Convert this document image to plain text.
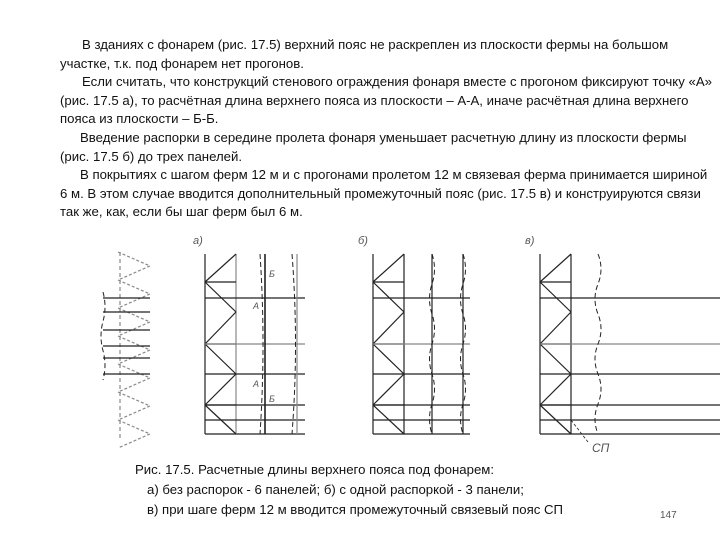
В зданиях с фонарем (рис. 17.5) верхний пояс не раскреплен из плоскости фермы на большом участке, т.к. под фонарем нет прогонов.

Если считать, что конструкций стенового ограждения фонаря вместе с прогоном фиксируют точку «А» (рис. 17.5 а), то расчётная длина верхнего пояса из плоскости – А-А, иначе расчётная длина верхнего пояса из плоскости – Б-Б.

Введение распорки в середине пролета фонаря уменьшает расчетную длину из плоскости фермы (рис. 17.5 б) до трех панелей.

В покрытиях с шагом ферм 12 м и с прогонами пролетом 12 м связевая ферма принимается шириной 6 м. В этом случае вводится дополнительный промежуточный пояс (рис. 17.5 в) и конструируются связи так же, как, если бы шаг ферм был 6 м.

а)	б)	в)
А
А
Б
Б
СП
Рис. 17.5. Расчетные длины верхнего пояса под фонарем:
а) без распорок - 6 панелей; б) с одной распоркой - 3 панели;
в) при шаге ферм 12 м вводится промежуточный связевый пояс СП	147
